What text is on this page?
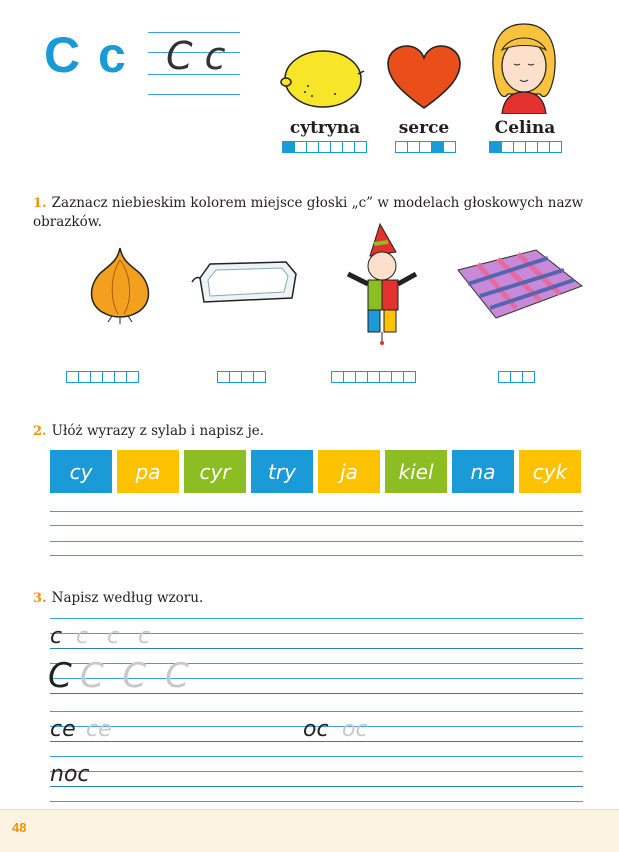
C c C c
cytryna	serce	Celina
1. Zaznacz niebieskim kolorem miejsce głoski „c” w modelach głoskowych nazw obrazków.
2. Ułóż wyrazy z sylab i napisz je.
cy	pa	cyr	try	ja	kiel	na	cyk
3. Napisz według wzoru.
c c c c
C C C C
ce ce	oc oc
noc
48
